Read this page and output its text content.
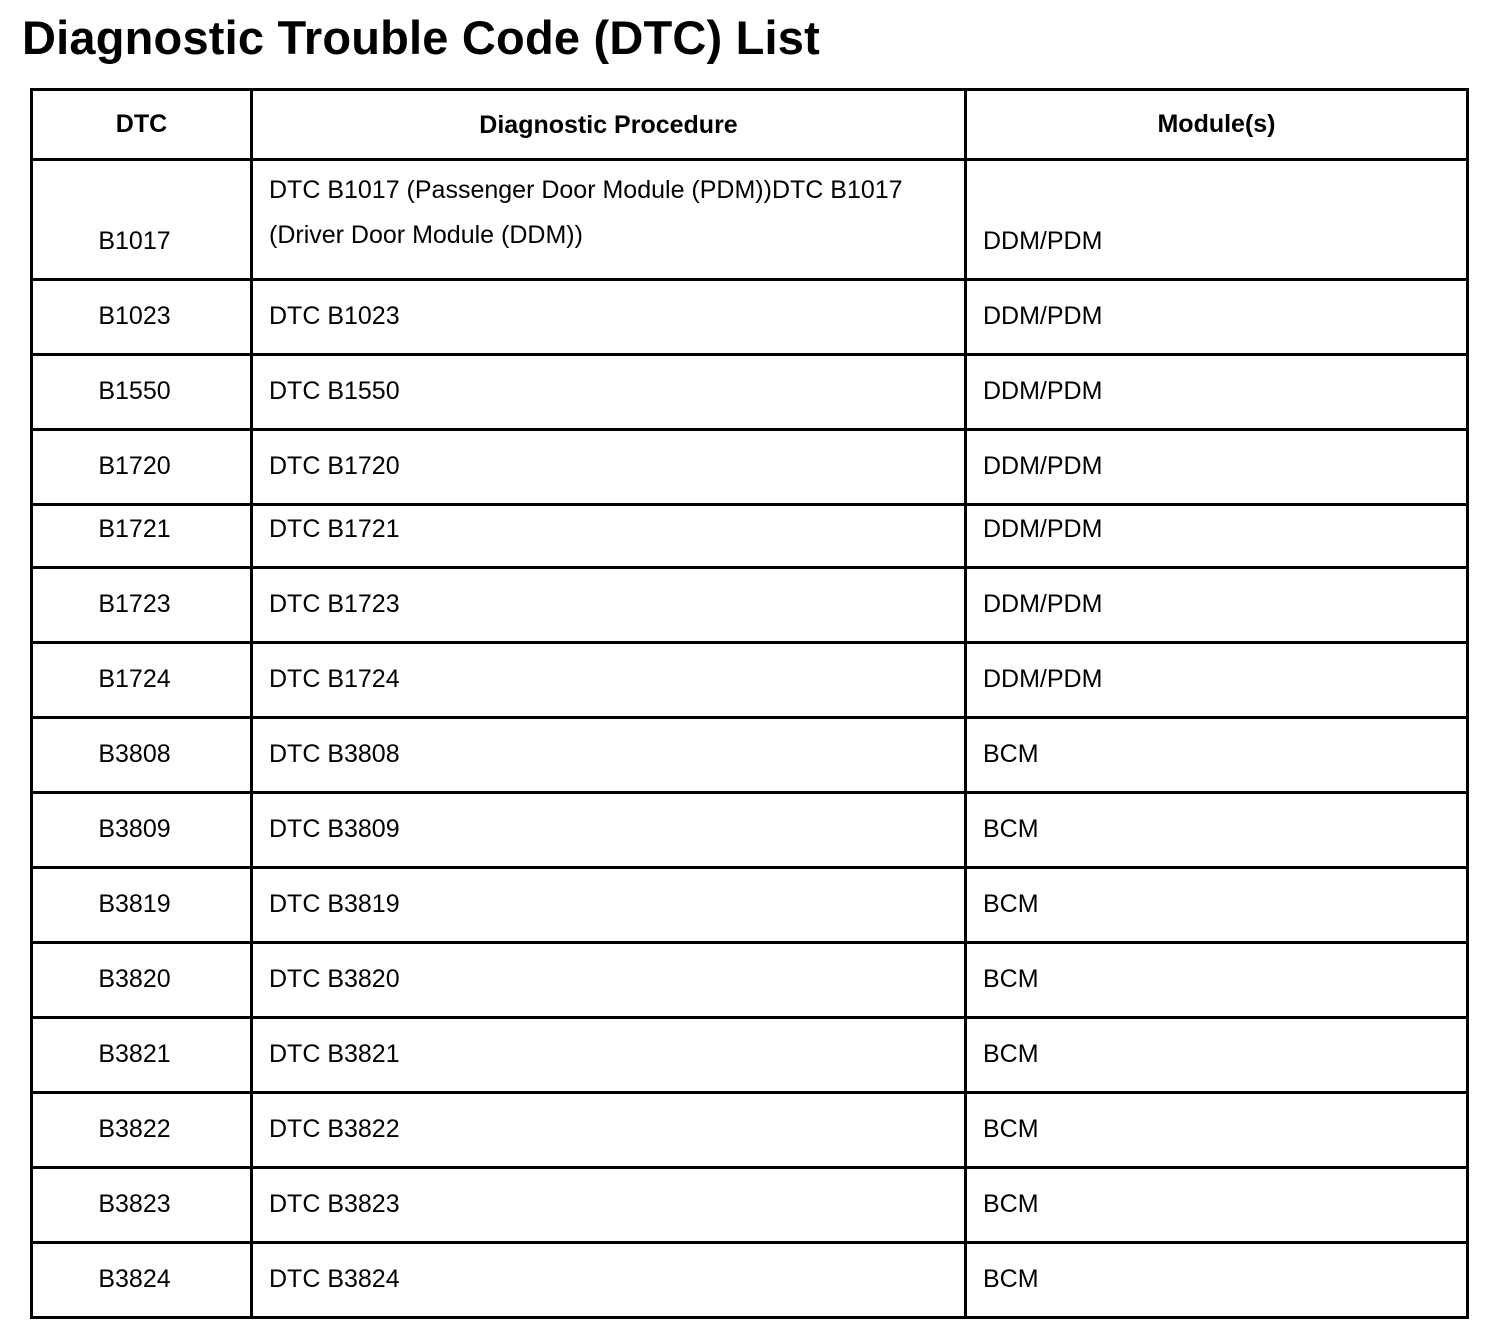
Diagnostic Trouble Code (DTC) List
DTC	Diagnostic Procedure	Module(s)
B1017	DTC B1017 (Passenger Door Module (PDM))DTC B1017 (Driver Door Module (DDM))	DDM/PDM
B1023	DTC B1023	DDM/PDM
B1550	DTC B1550	DDM/PDM
B1720	DTC B1720	DDM/PDM
B1721	DTC B1721	DDM/PDM
B1723	DTC B1723	DDM/PDM
B1724	DTC B1724	DDM/PDM
B3808	DTC B3808	BCM
B3809	DTC B3809	BCM
B3819	DTC B3819	BCM
B3820	DTC B3820	BCM
B3821	DTC B3821	BCM
B3822	DTC B3822	BCM
B3823	DTC B3823	BCM
B3824	DTC B3824	BCM
